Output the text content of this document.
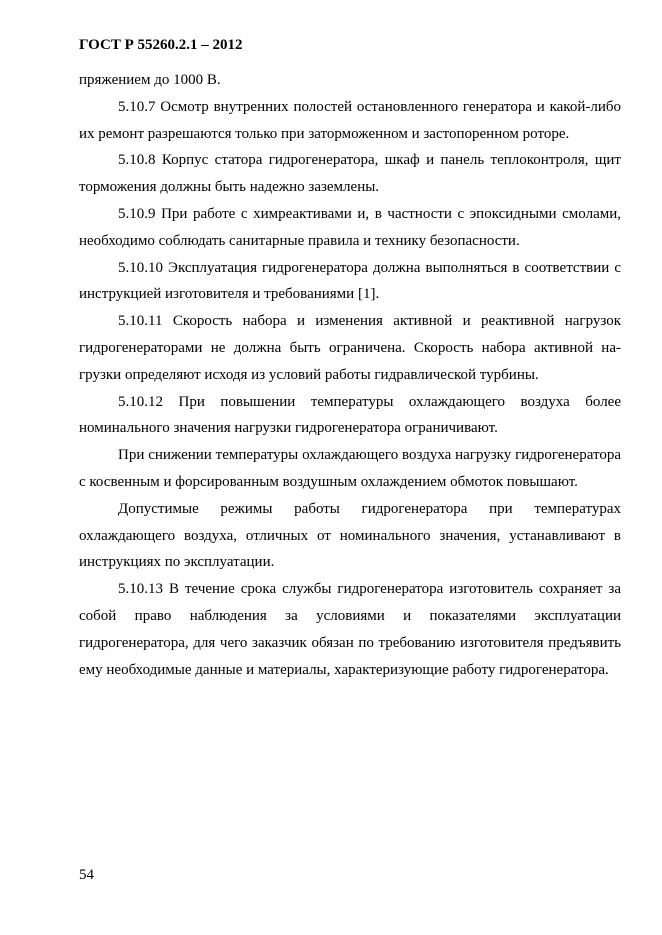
ГОСТ Р 55260.2.1 – 2012

пряжением до 1000 В.

5.10.7 Осмотр внутренних полостей остановленного генератора и какой-либо их ремонт разрешаются только при заторможенном и застопоренном роторе.

5.10.8 Корпус статора гидрогенератора, шкаф и панель теплоконтроля, щит торможения должны быть надежно заземлены.

5.10.9 При работе с химреактивами и, в частности с эпоксидными смолами, необходимо соблюдать санитарные правила и технику безопасности.

5.10.10 Эксплуатация гидрогенератора должна выполняться в соответствии с инструкцией изготовителя и требованиями [1].

5.10.11 Скорость набора и изменения активной и реактивной нагрузок гидрогенераторами не должна быть ограничена. Скорость набора активной на-грузки определяют исходя из условий работы гидравлической турбины.

5.10.12 При повышении температуры охлаждающего воздуха более номинального значения нагрузки гидрогенератора ограничивают.

При снижении температуры охлаждающего воздуха нагрузку гидрогенератора с косвенным и форсированным воздушным охлаждением обмоток повышают.

Допустимые режимы работы гидрогенератора при температурах охлаждающего воздуха, отличных от номинального значения, устанавливают в инструкциях по эксплуатации.

5.10.13 В течение срока службы гидрогенератора изготовитель сохраняет за собой право наблюдения за условиями и показателями эксплуатации гидрогенератора, для чего заказчик обязан по требованию изготовителя предъявить ему необходимые данные и материалы, характеризующие работу гидрогенератора.

54
